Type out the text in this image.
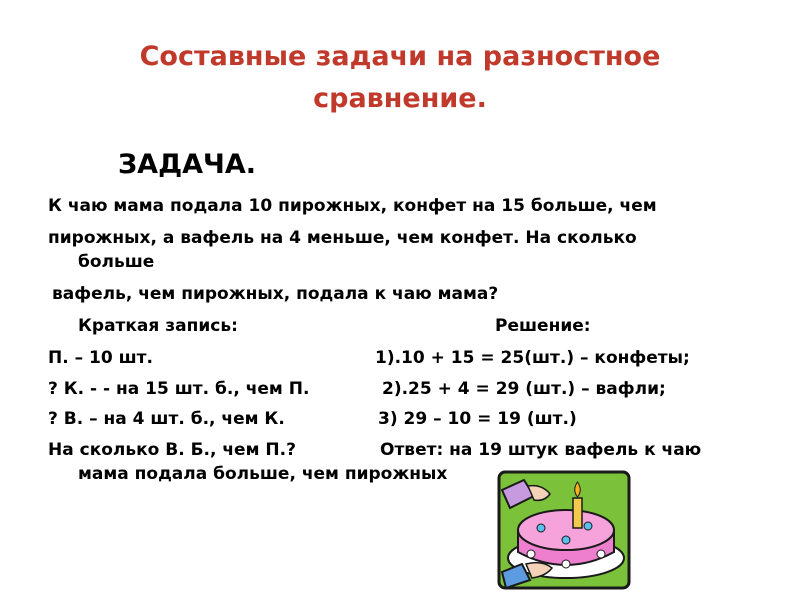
Составные задачи на разностное
сравнение.
ЗАДАЧА.
К чаю мама подала 10 пирожных, конфет на 15 больше, чем
пирожных, а вафель на 4 меньше, чем конфет. На сколько
больше
вафель, чем пирожных, подала к чаю мама?
Краткая запись:	Решение:
П. – 10 шт.	1).10 + 15 = 25(шт.) – конфеты;
? К. - - на 15 шт. б., чем П.	2).25 + 4 = 29 (шт.) – вафли;
? В. – на 4 шт. б., чем К.	3) 29 – 10 = 19 (шт.)
На сколько В. Б., чем П.?	Ответ: на 19 штук вафель к чаю
мама подала больше, чем пирожных
